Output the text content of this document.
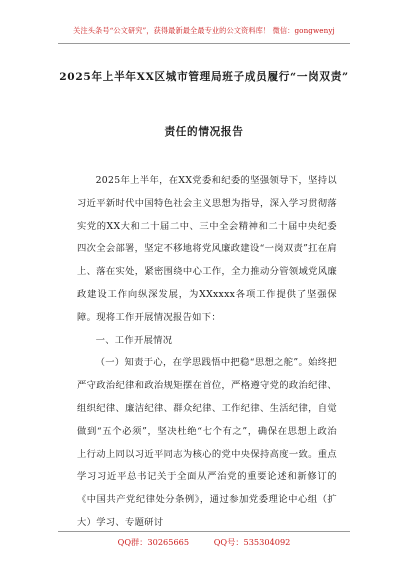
关注头条号“公文研究”，获得最新最全最专业的公文资料库！ 微信：gongwenyj
2025年上半年XX区城市管理局班子成员履行“一岗双责”
责任的情况报告

2025年上半年，在XX党委和纪委的坚强领导下，坚持以习近平新时代中国特色社会主义思想为指导，深入学习贯彻落实党的XX大和二十届二中、三中全会精神和二十届中央纪委四次全会部署，坚定不移地将党风廉政建设“一岗双责”扛在肩上、落在实处，紧密围绕中心工作，全力推动分管领域党风廉政建设工作向纵深发展，为XXxxxx各项工作提供了坚强保障。现将工作开展情况报告如下：

一、工作开展情况

（一）知责于心，在学思践悟中把稳“思想之舵”。始终把严守政治纪律和政治规矩摆在首位，严格遵守党的政治纪律、组织纪律、廉洁纪律、群众纪律、工作纪律、生活纪律，自觉做到“五个必须”，坚决杜绝“七个有之”，确保在思想上政治上行动上同以习近平同志为核心的党中央保持高度一致。重点学习习近平总书记关于全面从严治党的重要论述和新修订的《中国共产党纪律处分条例》，通过参加党委理论中心组（扩大）学习、专题研讨

QQ群：30265665	QQ号：535304092
